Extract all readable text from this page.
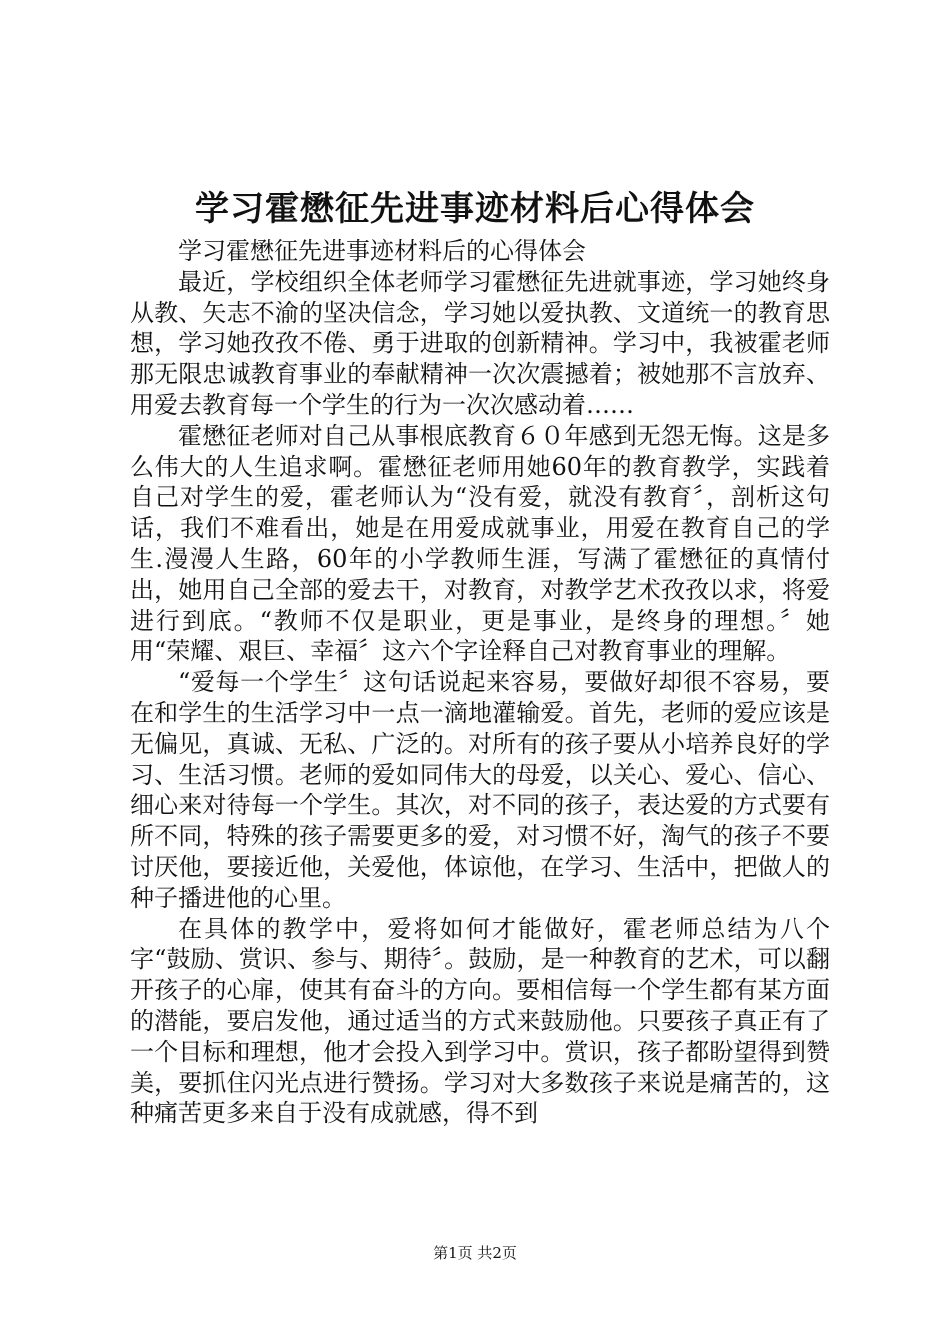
学习霍懋征先进事迹材料后心得体会

学习霍懋征先进事迹材料后的心得体会

最近，学校组织全体老师学习霍懋征先进就事迹，学习她终身从教、矢志不渝的坚决信念，学习她以爱执教、文道统一的教育思想，学习她孜孜不倦、勇于进取的创新精神。学习中，我被霍老师那无限忠诚教育事业的奉献精神一次次震撼着；被她那不言放弃、用爱去教育每一个学生的行为一次次感动着……

霍懋征老师对自己从事根底教育６０年感到无怨无悔。这是多么伟大的人生追求啊。霍懋征老师用她60年的教育教学，实践着自己对学生的爱，霍老师认为“没有爱，就没有教育〞，剖析这句话，我们不难看出，她是在用爱成就事业，用爱在教育自己的学生.漫漫人生路，60年的小学教师生涯，写满了霍懋征的真情付出，她用自己全部的爱去干，对教育，对教学艺术孜孜以求，将爱进行到底。“教师不仅是职业，更是事业，是终身的理想。〞她用“荣耀、艰巨、幸福〞这六个字诠释自己对教育事业的理解。

“爱每一个学生〞这句话说起来容易，要做好却很不容易，要在和学生的生活学习中一点一滴地灌输爱。首先，老师的爱应该是无偏见，真诚、无私、广泛的。对所有的孩子要从小培养良好的学习、生活习惯。老师的爱如同伟大的母爱，以关心、爱心、信心、细心来对待每一个学生。其次，对不同的孩子，表达爱的方式要有所不同，特殊的孩子需要更多的爱，对习惯不好，淘气的孩子不要讨厌他，要接近他，关爱他，体谅他，在学习、生活中，把做人的种子播进他的心里。

在具体的教学中，爱将如何才能做好，霍老师总结为八个字“鼓励、赏识、参与、期待〞。鼓励，是一种教育的艺术，可以翻开孩子的心扉，使其有奋斗的方向。要相信每一个学生都有某方面的潜能，要启发他，通过适当的方式来鼓励他。只要孩子真正有了一个目标和理想，他才会投入到学习中。赏识，孩子都盼望得到赞美，要抓住闪光点进行赞扬。学习对大多数孩子来说是痛苦的，这种痛苦更多来自于没有成就感，得不到

第1页 共2页
